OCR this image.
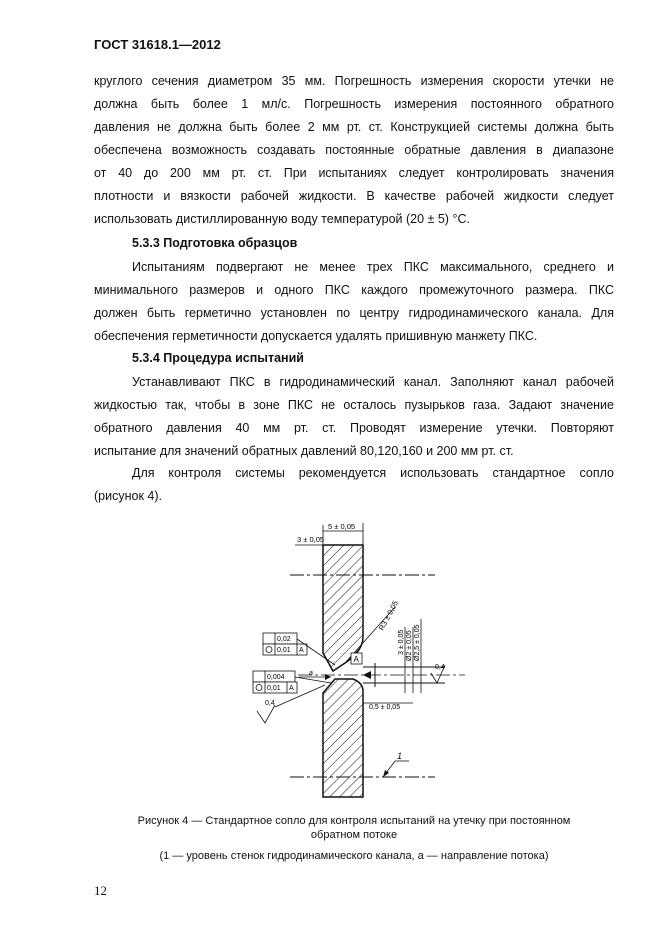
ГОСТ 31618.1—2012
круглого сечения диаметром 35 мм. Погрешность измерения скорости утечки не
должна быть более 1 мл/с. Погрешность измерения постоянного обратного
давления не должна быть более 2 мм рт. ст. Конструкцией системы должна быть
обеспечена возможность создавать постоянные обратные давления в диапазоне
от 40 до 200 мм рт. ст. При испытаниях следует контролировать значения
плотности и вязкости рабочей жидкости. В качестве рабочей жидкости следует
использовать дистиллированную воду температурой (20 ± 5) °С.
5.3.3 Подготовка образцов
Испытаниям подвергают не менее трех ПКС максимального, среднего и
минимального размеров и одного ПКС каждого промежуточного размера. ПКС
должен быть герметично установлен по центру гидродинамического канала. Для
обеспечения герметичности допускается удалять пришивную манжету ПКС.
5.3.4 Процедура испытаний
Устанавливают ПКС в гидродинамический канал. Заполняют канал рабочей
жидкостью так, чтобы в зоне ПКС не осталось пузырьков газа. Задают значение
обратного давления 40 мм рт. ст. Проводят измерение утечки. Повторяют
испытание для значений обратных давлений 80,120,160 и 200 мм рт. ст.
Для контроля системы рекомендуется использовать стандартное сопло
(рисунок 4).
5 ± 0,05
3 ± 0,05
R3 ± 0,05
3 ± 0,05 Ø2 ± 0,05 Ø2,5 ± 0,05
A
0,4
0,5 ± 0,05
0,02
0,01 A
0,004
0,01 A
a
0,4
1
Рисунок 4 — Стандартное сопло для контроля испытаний на утечку при постоянном
обратном потоке
(1 — уровень стенок гидродинамического канала, а — направление потока)
12
